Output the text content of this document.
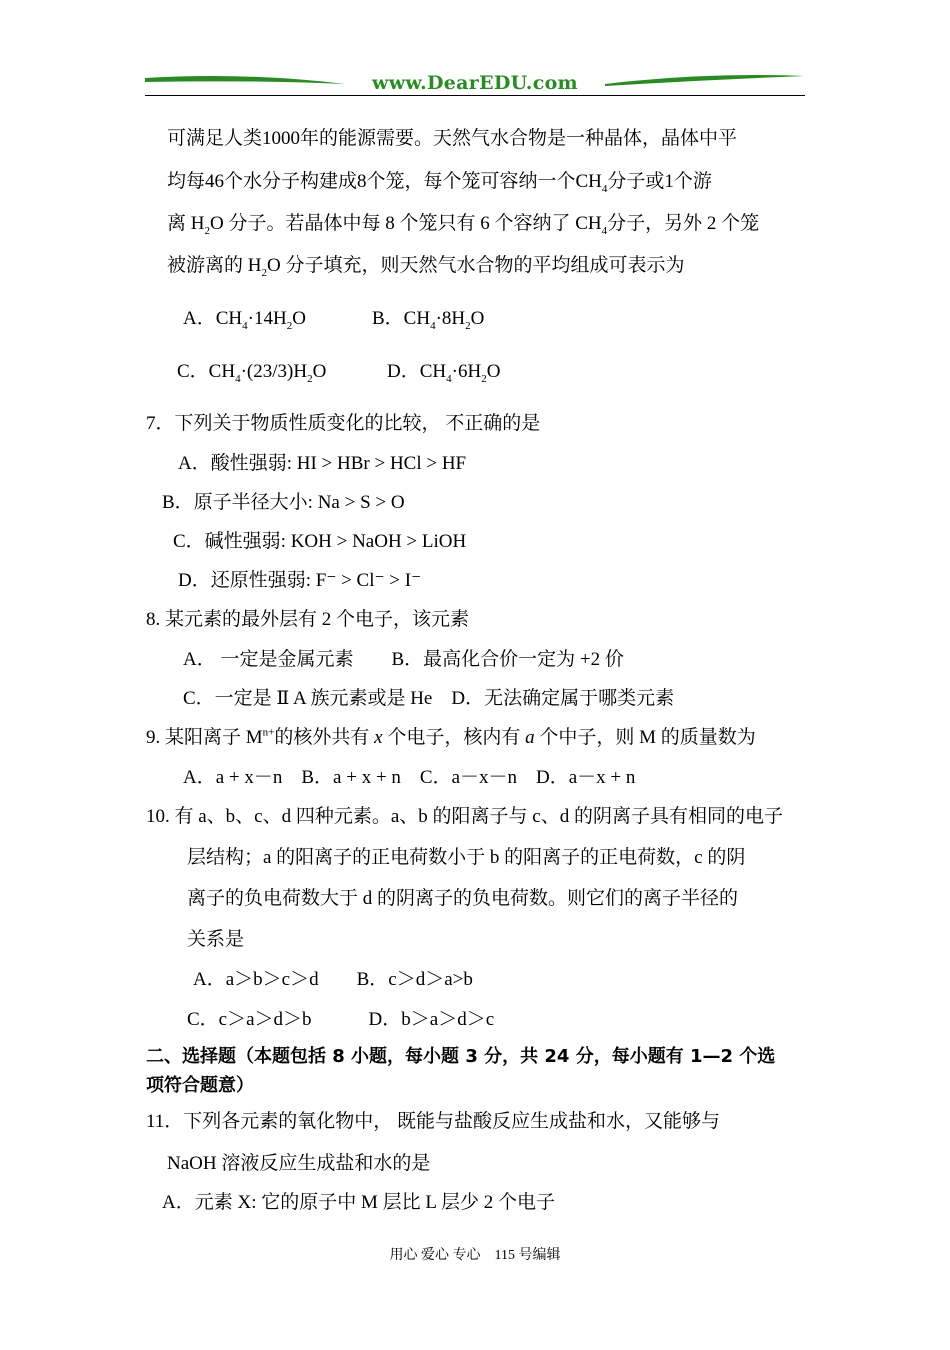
www.DearEDU.com
可满足人类1000年的能源需要。天然气水合物是一种晶体，晶体中平
均每46个水分子构建成8个笼，每个笼可容纳一个$CH_4$分子或1个游
离 $H_2O$ 分子。若晶体中每 8 个笼只有 6 个容纳了 $CH_4$分子，另外 2 个笼
被游离的 $H_2O$ 分子填充，则天然气水合物的平均组成可表示为
A．$CH_4\cdot 14H_2O$	B．$CH_4\cdot 8H_2O$
C．$CH_4\cdot(23/3)H_2O$	D．$CH_4\cdot 6H_2O$
7．下列关于物质性质变化的比较， 不正确的是
A．酸性强弱: HI > HBr > HCl > HF
B．原子半径大小: Na > S > O
C．碱性强弱: KOH > NaOH > LiOH
D．还原性强弱: F⁻ > Cl⁻ > I⁻
8. 某元素的最外层有 2 个电子，该元素
A． 一定是金属元素　　B．最高化合价一定为 +2 价
C．一定是 Ⅱ A 族元素或是 He　D．无法确定属于哪类元素
9. 某阳离子 $M^{n+}$的核外共有 x 个电子，核内有 a 个中子，则 M 的质量数为
A．a + x－n　B．a + x + n　C．a－x－n　D．a－x + n
10. 有 a、b、c、d 四种元素。a、b 的阳离子与 c、d 的阴离子具有相同的电子
层结构；a 的阳离子的正电荷数小于 b 的阳离子的正电荷数，c 的阴
离子的负电荷数大于 d 的阴离子的负电荷数。则它们的离子半径的
关系是
A．a＞b＞c＞d　　B．c＞d＞a>b
C．c＞a＞d＞b　　　D．b＞a＞d＞c
二、选择题（本题包括 8 小题，每小题 3 分，共 24 分，每小题有 1—2 个选
项符合题意）
11．下列各元素的氧化物中， 既能与盐酸反应生成盐和水，又能够与
NaOH 溶液反应生成盐和水的是
A．元素 X: 它的原子中 M 层比 L 层少 2 个电子
用心 爱心 专心　115 号编辑
